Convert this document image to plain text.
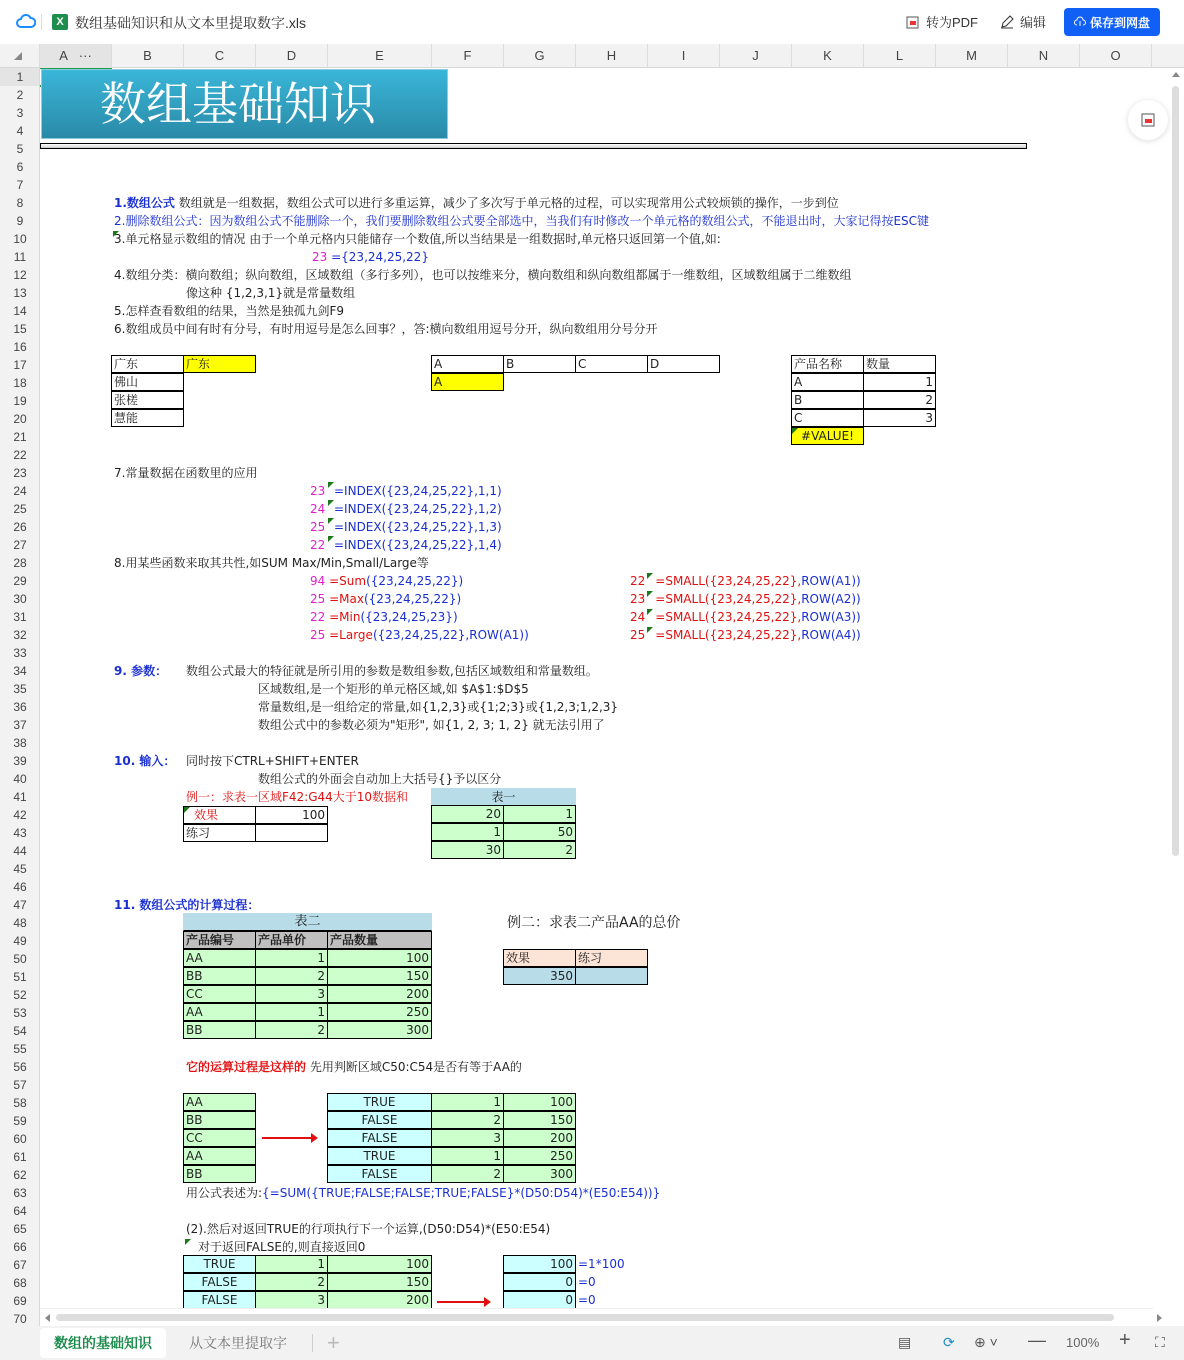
X 数组基础知识和从文本里提取数字.xls	转为PDF	编辑	保存到网盘
A ···	B	C	D	E	F	G	H	I	J	K	L	M	N	O
1
2
3
4
5
6
7
8
9
10
11
12
13
14
15
16
17
18
19
20
21
22
23
24
25
26
27
28
29
30
31
32
33
34
35
36
37
38
39
40
41
42
43
44
45
46
47
48
49
50
51
52
53
54
55
56
57
58
59
60
61
62
63
64
65
66
67
68
69
70
数组基础知识
1.数组公式 数组就是一组数据，数组公式可以进行多重运算，减少了多次写于单元格的过程，可以实现常用公式较烦锁的操作，一步到位
2.删除数组公式：因为数组公式不能删除一个，我们要删除数组公式要全部选中，当我们有时修改一个单元格的数组公式，不能退出时，大家记得按ESC键
3.单元格显示数组的情况 由于一个单元格内只能储存一个数值,所以当结果是一组数据时,单元格只返回第一个值,如:
23 ={23,24,25,22}
4.数组分类：横向数组；纵向数组，区域数组（多行多列），也可以按维来分，横向数组和纵向数组都属于一维数组，区域数组属于二维数组
像这种 {1,2,3,1}就是常量数组
5.怎样查看数组的结果，当然是独孤九剑F9
6.数组成员中间有时有分号，有时用逗号是怎么回事？，答:横向数组用逗号分开，纵向数组用分号分开
广东	广东
佛山
张槎
慧能
A	B	C	D
A
产品名称	数量
A	1
B	2
C	3
#VALUE!
7.常量数据在函数里的应用
23 =INDEX({23,24,25,22},1,1)
24 =INDEX({23,24,25,22},1,2)
25 =INDEX({23,24,25,22},1,3)
22 =INDEX({23,24,25,22},1,4)
8.用某些函数来取其共性,如SUM Max/Min,Small/Large等
94 =Sum({23,24,25,22})
25 =Max({23,24,25,22})
22 =Min({23,24,25,23})
25 =Large({23,24,25,22},ROW(A1))
22 =SMALL({23,24,25,22},ROW(A1))
23 =SMALL({23,24,25,22},ROW(A2))
24 =SMALL({23,24,25,22},ROW(A3))
25 =SMALL({23,24,25,22},ROW(A4))
9. 参数： 数组公式最大的特征就是所引用的参数是数组参数,包括区域数组和常量数组。
区域数组,是一个矩形的单元格区域,如 $A$1:$D$5
常量数组,是一组给定的常量,如{1,2,3}或{1;2;3}或{1,2,3;1,2,3}
数组公式中的参数必须为"矩形", 如{1, 2, 3; 1, 2} 就无法引用了
10. 输入： 同时按下CTRL+SHIFT+ENTER
数组公式的外面会自动加上大括号{}予以区分
例一：求表一区域F42:G44大于10数据和
效果	100
练习
表一
20	1
1	50
30	2
11. 数组公式的计算过程：
表二
产品编号	产品单价	产品数量
AA	1	100
BB	2	150
CC	3	200
AA	1	250
BB	2	300
例二：求表二产品AA的总价
效果	练习
350
它的运算过程是这样的 先用判断区域C50:C54是否有等于AA的
AA
BB
CC
AA
BB
TRUE	1	100
FALSE	2	150
FALSE	3	200
TRUE	1	250
FALSE	2	300
用公式表述为:{=SUM({TRUE;FALSE;FALSE;TRUE;FALSE}*(D50:D54)*(E50:E54))}
(2).然后对返回TRUE的行项执行下一个运算,(D50:D54)*(E50:E54)
对于返回FALSE的,则直接返回0
TRUE	1	100
FALSE	2	150
FALSE	3	200
100 =1*100
0 =0
0 =0
数组的基础知识	从文本里提取字	+	▤ ⟳ ⊕ ˅ — 100% + ⛶
